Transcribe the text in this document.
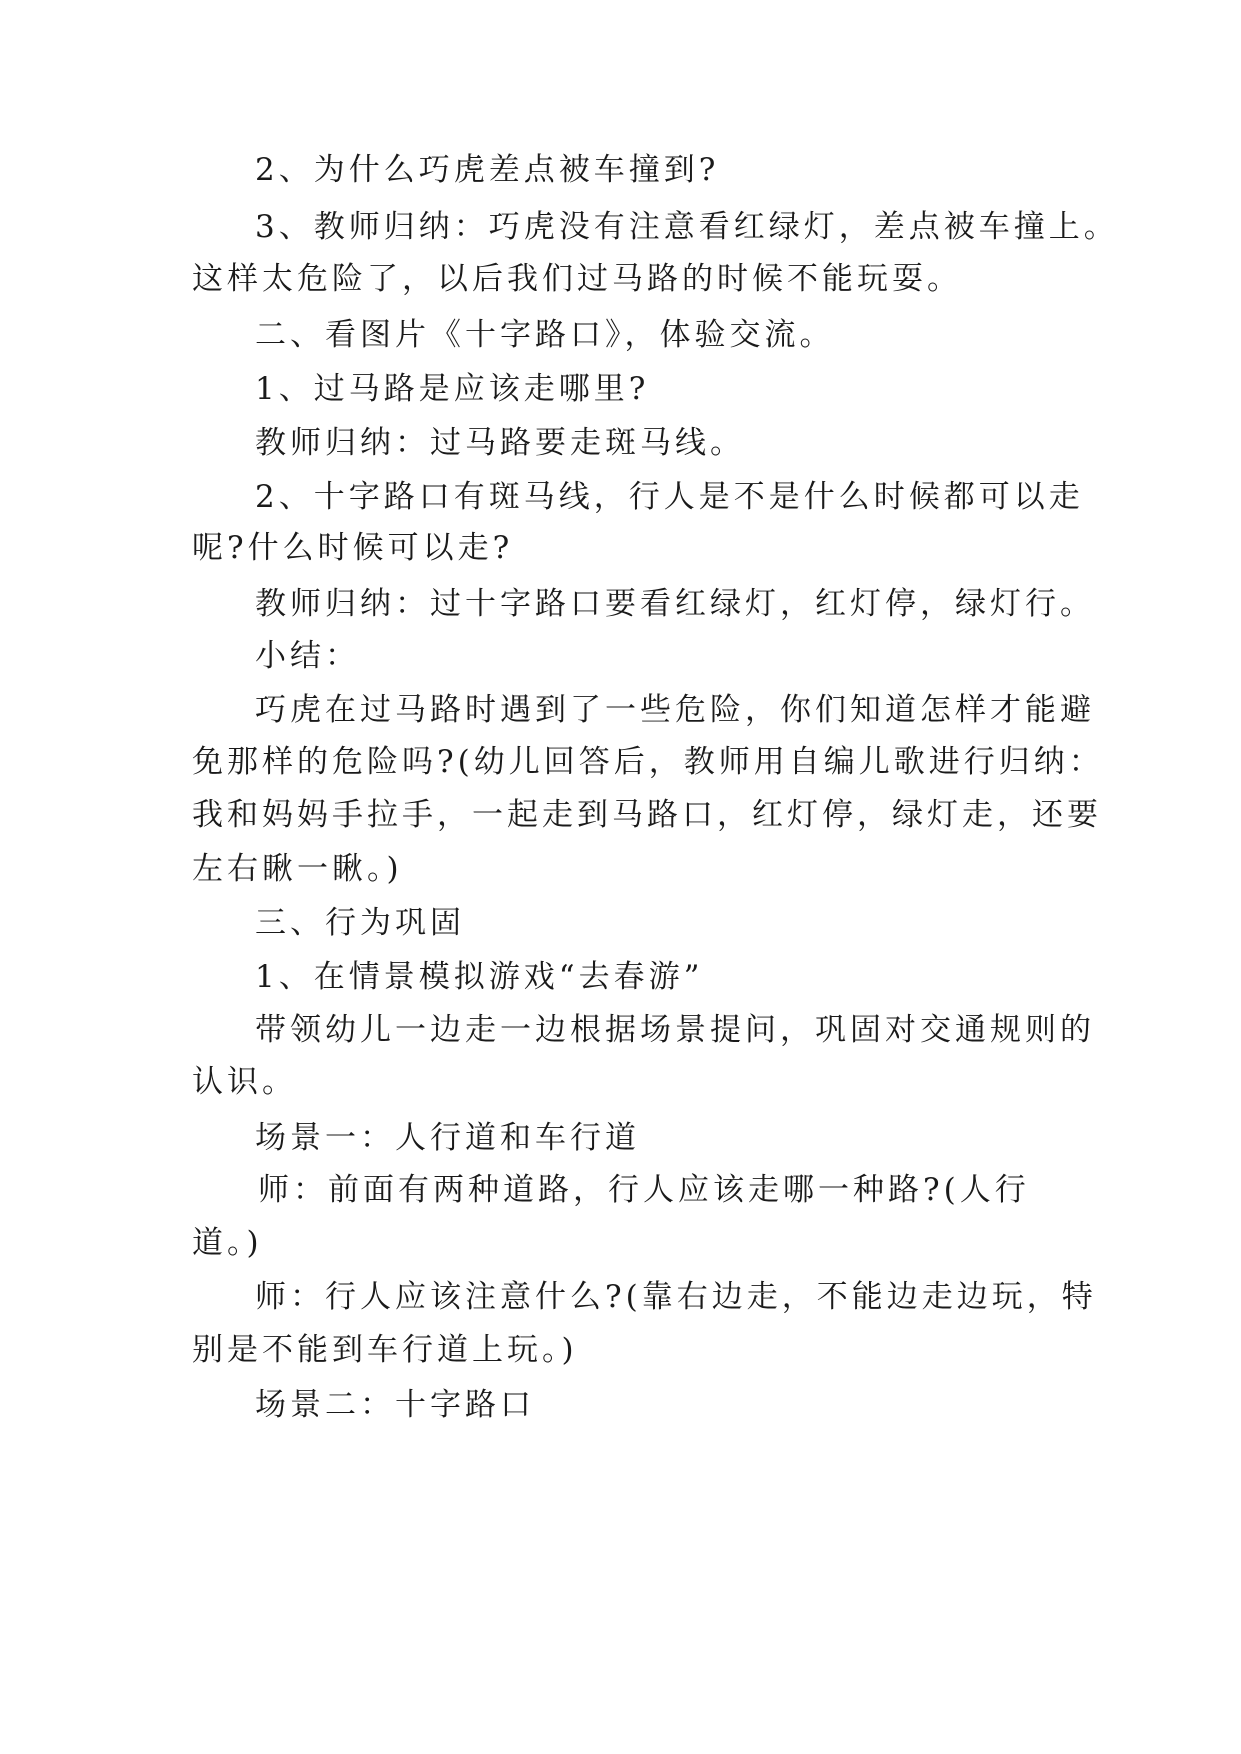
2、为什么巧虎差点被车撞到?
3、教师归纳：巧虎没有注意看红绿灯，差点被车撞上。
这样太危险了，以后我们过马路的时候不能玩耍。
二、看图片《十字路口》，体验交流。
1、过马路是应该走哪里?
教师归纳：过马路要走斑马线。
2、十字路口有斑马线，行人是不是什么时候都可以走
呢?什么时候可以走?
教师归纳：过十字路口要看红绿灯，红灯停，绿灯行。
小结：
巧虎在过马路时遇到了一些危险，你们知道怎样才能避
免那样的危险吗?(幼儿回答后，教师用自编儿歌进行归纳：
我和妈妈手拉手，一起走到马路口，红灯停，绿灯走，还要
左右瞅一瞅。)
三、行为巩固
1、在情景模拟游戏“去春游”
带领幼儿一边走一边根据场景提问，巩固对交通规则的
认识。
场景一：人行道和车行道
师：前面有两种道路，行人应该走哪一种路?(人行
道。)
师：行人应该注意什么?(靠右边走，不能边走边玩，特
别是不能到车行道上玩。)
场景二：十字路口
